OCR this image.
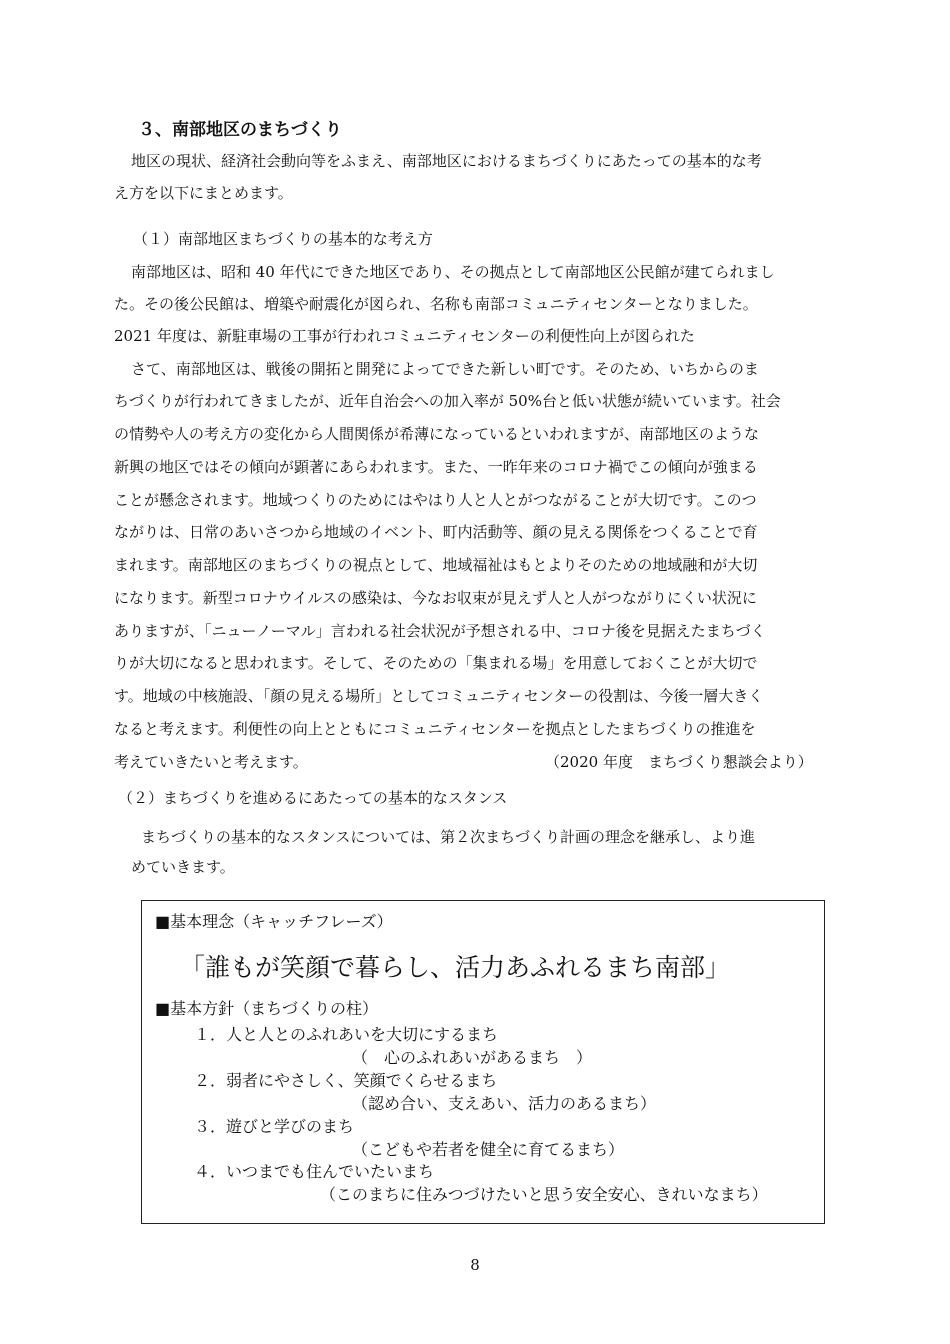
３、南部地区のまちづくり
地区の現状、経済社会動向等をふまえ、南部地区におけるまちづくりにあたっての基本的な考
え方を以下にまとめます。
（１）南部地区まちづくりの基本的な考え方
南部地区は、昭和 40 年代にできた地区であり、その拠点として南部地区公民館が建てられまし
た。その後公民館は、増築や耐震化が図られ、名称も南部コミュニティセンターとなりました。
2021 年度は、新駐車場の工事が行われコミュニティセンターの利便性向上が図られた
さて、南部地区は、戦後の開拓と開発によってできた新しい町です。そのため、いちからのま
ちづくりが行われてきましたが、近年自治会への加入率が 50%台と低い状態が続いています。社会
の情勢や人の考え方の変化から人間関係が希薄になっているといわれますが、南部地区のような
新興の地区ではその傾向が顕著にあらわれます。また、一昨年来のコロナ禍でこの傾向が強まる
ことが懸念されます。地域つくりのためにはやはり人と人とがつながることが大切です。このつ
ながりは、日常のあいさつから地域のイベント、町内活動等、顔の見える関係をつくることで育
まれます。南部地区のまちづくりの視点として、地域福祉はもとよりそのための地域融和が大切
になります。新型コロナウイルスの感染は、今なお収束が見えず人と人がつながりにくい状況に
ありますが、「ニューノーマル」言われる社会状況が予想される中、コロナ後を見据えたまちづく
りが大切になると思われます。そして、そのための「集まれる場」を用意しておくことが大切で
す。地域の中核施設、「顔の見える場所」としてコミュニティセンターの役割は、今後一層大きく
なると考えます。利便性の向上とともにコミュニティセンターを拠点としたまちづくりの推進を
考えていきたいと考えます。	（2020 年度　まちづくり懇談会より）
（２）まちづくりを進めるにあたっての基本的なスタンス
まちづくりの基本的なスタンスについては、第２次まちづくり計画の理念を継承し、より進
めていきます。
■基本理念（キャッチフレーズ）
「誰もが笑顔で暮らし、活力あふれるまち南部」
■基本方針（まちづくりの柱）
１．人と人とのふれあいを大切にするまち
（　心のふれあいがあるまち　）
２．弱者にやさしく、笑顔でくらせるまち
（認め合い、支えあい、活力のあるまち）
３．遊びと学びのまち
（こどもや若者を健全に育てるまち）
４．いつまでも住んでいたいまち
（このまちに住みつづけたいと思う安全安心、きれいなまち）
8
